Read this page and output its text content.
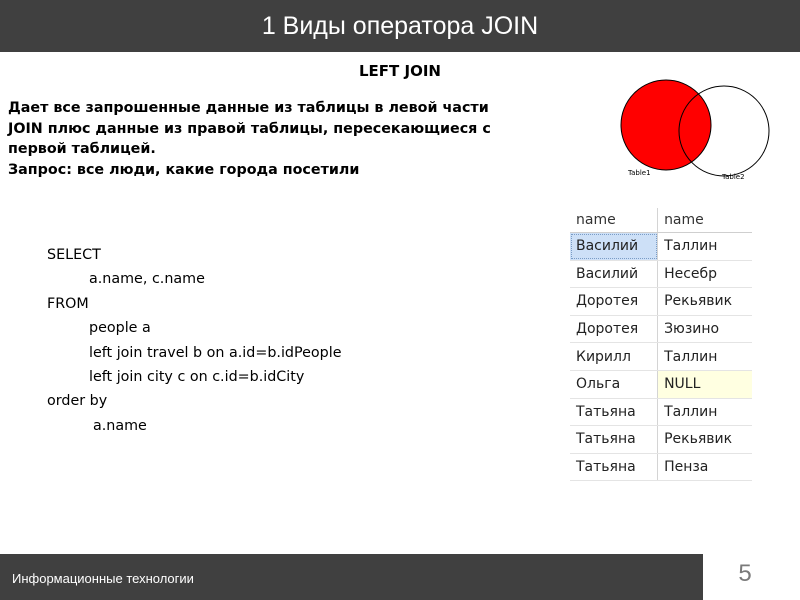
1 Виды оператора JOIN
LEFT JOIN
Дает все запрошенные данные из таблицы в левой части
JOIN плюс данные из правой таблицы, пересекающиеся с
первой таблицей.
Запрос: все люди, какие города посетили	Table1	Table2
SELECT
a.name, c.name
FROM
people a
left join travel b on a.id=b.idPeople
left join city c on c.id=b.idCity
order by
a.name
name	name
Василий	Таллин
Василий	Несебр
Доротея	Рекьявик
Доротея	Зюзино
Кирилл	Таллин
Ольга	NULL
Татьяна	Таллин
Татьяна	Рекьявик
Татьяна	Пенза
Информационные технологии	5
